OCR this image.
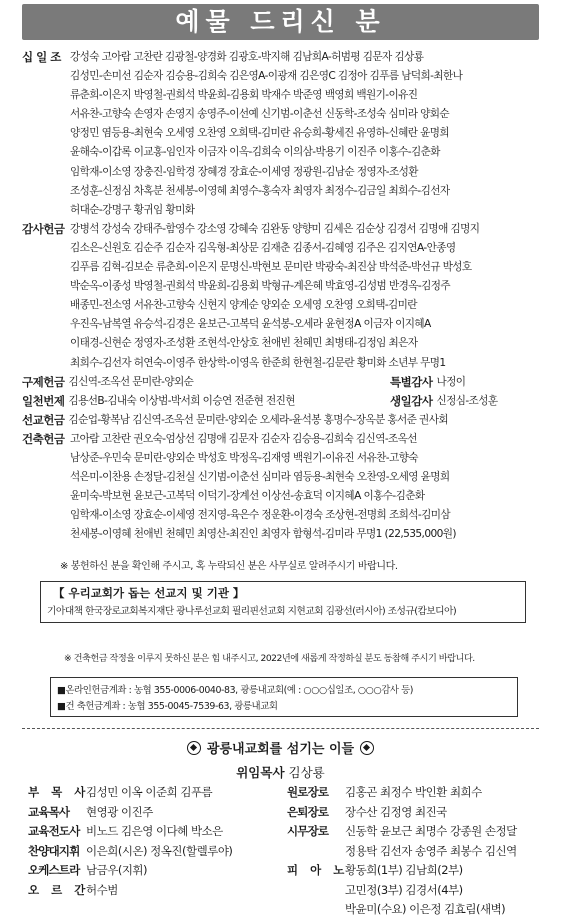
예물 드리신 분
십 일 조 강성숙 고아람 고찬란 김광철-양경화 김광호-박지해 김남희A-허범평 김문자 김상룡
김성민-손미선 김순자 김승용-김희숙 김은영A-이광재 김은영C 김정아 김푸름 남덕희-최한나
류춘희-이은지 박영철-권희석 박윤희-김용회 박재수 박준영 백영희 백원기-이유진
서유찬-고향숙 손영자 손영지 송영주-이선예 신기범-이춘선 신동학-조성숙 심미라 양회순
양정민 염등용-최현숙 오세영 오찬영 오희택-김미란 유승희-황세진 유영하-신혜란 윤명희
윤해숙-이갑록 이교홍-임인자 이금자 이옥-김희숙 이의삼-박용기 이진주 이홍수-김춘화
임학재-이소영 장충진-임학경 장혜경 장효순-이세영 정광원-김남순 정영자-조성환
조성훈-신정심 차혹분 천세봉-이영혜 최영수-홍숙자 최영자 최정수-김금일 최희수-김선자
허대순-강명구 황귀임 황미화
감사헌금 강병석 강성숙 강태주-함영수 강소영 강혜숙 김완동 양향미 김세은 김순상 김경서 김명애 김명지
김소은-신원호 김순주 김순자 김옥형-최상문 김재춘 김종서-김혜영 김주은 김지연A-안종영
김푸름 김혁-김보순 류춘희-이은지 문명신-박현보 문미란 박광숙-최진삼 박석준-박선규 박성호
박순옥-이종성 박영철-권희석 박윤희-김용회 박형규-계은혜 박효영-김성범 반경옥-김정주
배종민-전소영 서유찬-고향숙 신현지 양계순 양외순 오세영 오찬영 오희택-김미란
우진옥-남복열 유승석-김경은 윤보근-고복덕 윤석봉-오세라 윤현정A 이금자 이지혜A
이태경-신현순 정영자-조성환 조현석-안상호 천애빈 천혜민 최병태-김정임 최은자
최희수-김선자 허연숙-이영주 한상학-이영옥 한준희 한현철-김문란 황미화 소년부 무명1
구제헌금 김신역-조옥선 문미란-양외순	특별감사 나정이
일천번제 김용선B-김내숙 이상범-박서희 이승연 전준현 전진현	생일감사 신정심-조성훈
선교헌금 김순업-황복남 김신역-조옥선 문미란-양외순 오세라-윤석봉 홍명수-장옥분 홍서준 권사회
건축헌금 고아람 고찬란 권오숙-엄상선 김명애 김문자 김순자 김승용-김희숙 김신역-조옥선
남상준-우민숙 문미란-양외순 박성호 박정옥-김재영 백원기-이유진 서유찬-고향숙
석은미-이찬용 손정달-김천실 신기범-이춘선 심미라 염등용-최현숙 오찬영-오세영 윤명희
윤미숙-박보현 윤보근-고복덕 이덕기-장계선 이상선-송효덕 이지혜A 이홍수-김춘화
임학재-이소영 장효순-이세영 전지영-육은수 정운환-이경숙 조상현-전명희 조희석-김미삼
천세봉-이영혜 천애빈 천혜민 최영산-최진인 최영자 함형석-김미라 무명1 (22,535,000원)
※ 봉헌하신 분을 확인해 주시고, 혹 누락되신 분은 사무실로 알려주시기 바랍니다.
【 우리교회가 돕는 선교지 및 기관 】
기아대책 한국장로교회복지재단 광나루선교회 필리핀선교회 지현교회 김광선(러시아) 조성규(캄보디아)
※ 건축헌금 작정을 이루지 못하신 분은 힘 내주시고, 2022년에 새롭게 작정하실 분도 동참해 주시기 바랍니다.
■온라인헌금계좌 : 농협 355-0006-0040-83, 광릉내교회(예 : ○○○십일조, ○○○감사 등)
■건 축헌금계좌 : 농협 355-0045-7539-63, 광릉내교회
광릉내교회를 섬기는 이들
위임목사 김상룡
부 목 사
김성민 이옥 이준희 김푸름
교육목사	현영광 이진주
교육전도사 비노드 김은영 이다혜 박소은
찬양대지휘 이은희(시온) 정옥진(할렐루야)
오케스트라 남금우(지휘)
오 르 간
허수범
원로장로	김홍곤 최정수 박인환 최희수
은퇴장로	장수산 김정영 최진국
시무장로	신동학 윤보근 최명수 강종원 손정달
정용탁 김선자 송영주 최봉수 김신역
피 아 노
황동희(1부) 김남희(2부)
고민정(3부) 김경서(4부)
박윤미(수요) 이은정 김효림(새벽)
